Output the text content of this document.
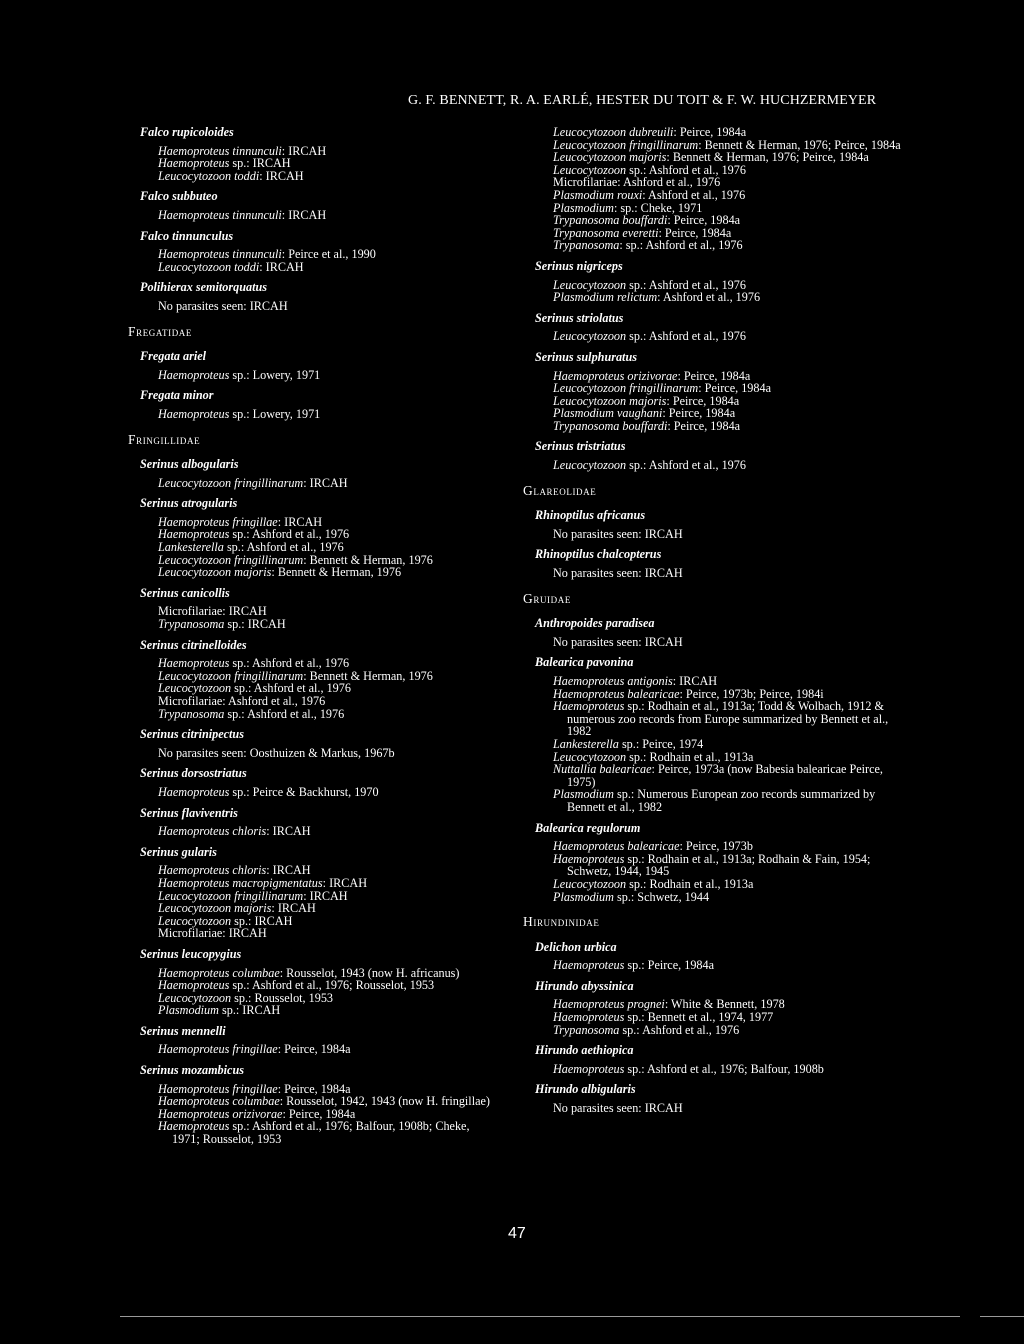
G. F. BENNETT, R. A. EARLÉ, HESTER DU TOIT & F. W. HUCHZERMEYER
Falco rupicoloides
Haemoproteus tinnunculi: IRCAH
Haemoproteus sp.: IRCAH
Leucocytozoon toddi: IRCAH
Falco subbuteo
Haemoproteus tinnunculi: IRCAH
Falco tinnunculus
Haemoproteus tinnunculi: Peirce et al., 1990
Leucocytozoon toddi: IRCAH
Polihierax semitorquatus
No parasites seen: IRCAH
Fregatidae
Fregata ariel
Haemoproteus sp.: Lowery, 1971
Fregata minor
Haemoproteus sp.: Lowery, 1971
Fringillidae
Serinus albogularis
Leucocytozoon fringillinarum: IRCAH
Serinus atrogularis
Haemoproteus fringillae: IRCAH
Haemoproteus sp.: Ashford et al., 1976
Lankesterella sp.: Ashford et al., 1976
Leucocytozoon fringillinarum: Bennett & Herman, 1976
Leucocytozoon majoris: Bennett & Herman, 1976
Serinus canicollis
Microfilariae: IRCAH
Trypanosoma sp.: IRCAH
Serinus citrinelloides
Haemoproteus sp.: Ashford et al., 1976
Leucocytozoon fringillinarum: Bennett & Herman, 1976
Leucocytozoon sp.: Ashford et al., 1976
Microfilariae: Ashford et al., 1976
Trypanosoma sp.: Ashford et al., 1976
Serinus citrinipectus
No parasites seen: Oosthuizen & Markus, 1967b
Serinus dorsostriatus
Haemoproteus sp.: Peirce & Backhurst, 1970
Serinus flaviventris
Haemoproteus chloris: IRCAH
Serinus gularis
Haemoproteus chloris: IRCAH
Haemoproteus macropigmentatus: IRCAH
Leucocytozoon fringillinarum: IRCAH
Leucocytozoon majoris: IRCAH
Leucocytozoon sp.: IRCAH
Microfilariae: IRCAH
Serinus leucopygius
Haemoproteus columbae: Rousselot, 1943 (now H. africanus)
Haemoproteus sp.: Ashford et al., 1976; Rousselot, 1953
Leucocytozoon sp.: Rousselot, 1953
Plasmodium sp.: IRCAH
Serinus mennelli
Haemoproteus fringillae: Peirce, 1984a
Serinus mozambicus
Haemoproteus fringillae: Peirce, 1984a
Haemoproteus columbae: Rousselot, 1942, 1943 (now H. fringillae)
Haemoproteus orizivorae: Peirce, 1984a
Haemoproteus sp.: Ashford et al., 1976; Balfour, 1908b; Cheke, 1971; Rousselot, 1953
Leucocytozoon dubreuili: Peirce, 1984a
Leucocytozoon fringillinarum: Bennett & Herman, 1976; Peirce, 1984a
Leucocytozoon majoris: Bennett & Herman, 1976; Peirce, 1984a
Leucocytozoon sp.: Ashford et al., 1976
Microfilariae: Ashford et al., 1976
Plasmodium rouxi: Ashford et al., 1976
Plasmodium: sp.: Cheke, 1971
Trypanosoma bouffardi: Peirce, 1984a
Trypanosoma everetti: Peirce, 1984a
Trypanosoma: sp.: Ashford et al., 1976
Serinus nigriceps
Leucocytozoon sp.: Ashford et al., 1976
Plasmodium relictum: Ashford et al., 1976
Serinus striolatus
Leucocytozoon sp.: Ashford et al., 1976
Serinus sulphuratus
Haemoproteus orizivorae: Peirce, 1984a
Leucocytozoon fringillinarum: Peirce, 1984a
Leucocytozoon majoris: Peirce, 1984a
Plasmodium vaughani: Peirce, 1984a
Trypanosoma bouffardi: Peirce, 1984a
Serinus tristriatus
Leucocytozoon sp.: Ashford et al., 1976
Glareolidae
Rhinoptilus africanus
No parasites seen: IRCAH
Rhinoptilus chalcopterus
No parasites seen: IRCAH
Gruidae
Anthropoides paradisea
No parasites seen: IRCAH
Balearica pavonina
Haemoproteus antigonis: IRCAH
Haemoproteus balearicae: Peirce, 1973b; Peirce, 1984i
Haemoproteus sp.: Rodhain et al., 1913a; Todd & Wolbach, 1912 & numerous zoo records from Europe summarized by Bennett et al., 1982
Lankesterella sp.: Peirce, 1974
Leucocytozoon sp.: Rodhain et al., 1913a
Nuttallia balearicae: Peirce, 1973a (now Babesia balearicae Peirce, 1975)
Plasmodium sp.: Numerous European zoo records summarized by Bennett et al., 1982
Balearica regulorum
Haemoproteus balearicae: Peirce, 1973b
Haemoproteus sp.: Rodhain et al., 1913a; Rodhain & Fain, 1954; Schwetz, 1944, 1945
Leucocytozoon sp.: Rodhain et al., 1913a
Plasmodium sp.: Schwetz, 1944
Hirundinidae
Delichon urbica
Haemoproteus sp.: Peirce, 1984a
Hirundo abyssinica
Haemoproteus prognei: White & Bennett, 1978
Haemoproteus sp.: Bennett et al., 1974, 1977
Trypanosoma sp.: Ashford et al., 1976
Hirundo aethiopica
Haemoproteus sp.: Ashford et al., 1976; Balfour, 1908b
Hirundo albigularis
No parasites seen: IRCAH
47
